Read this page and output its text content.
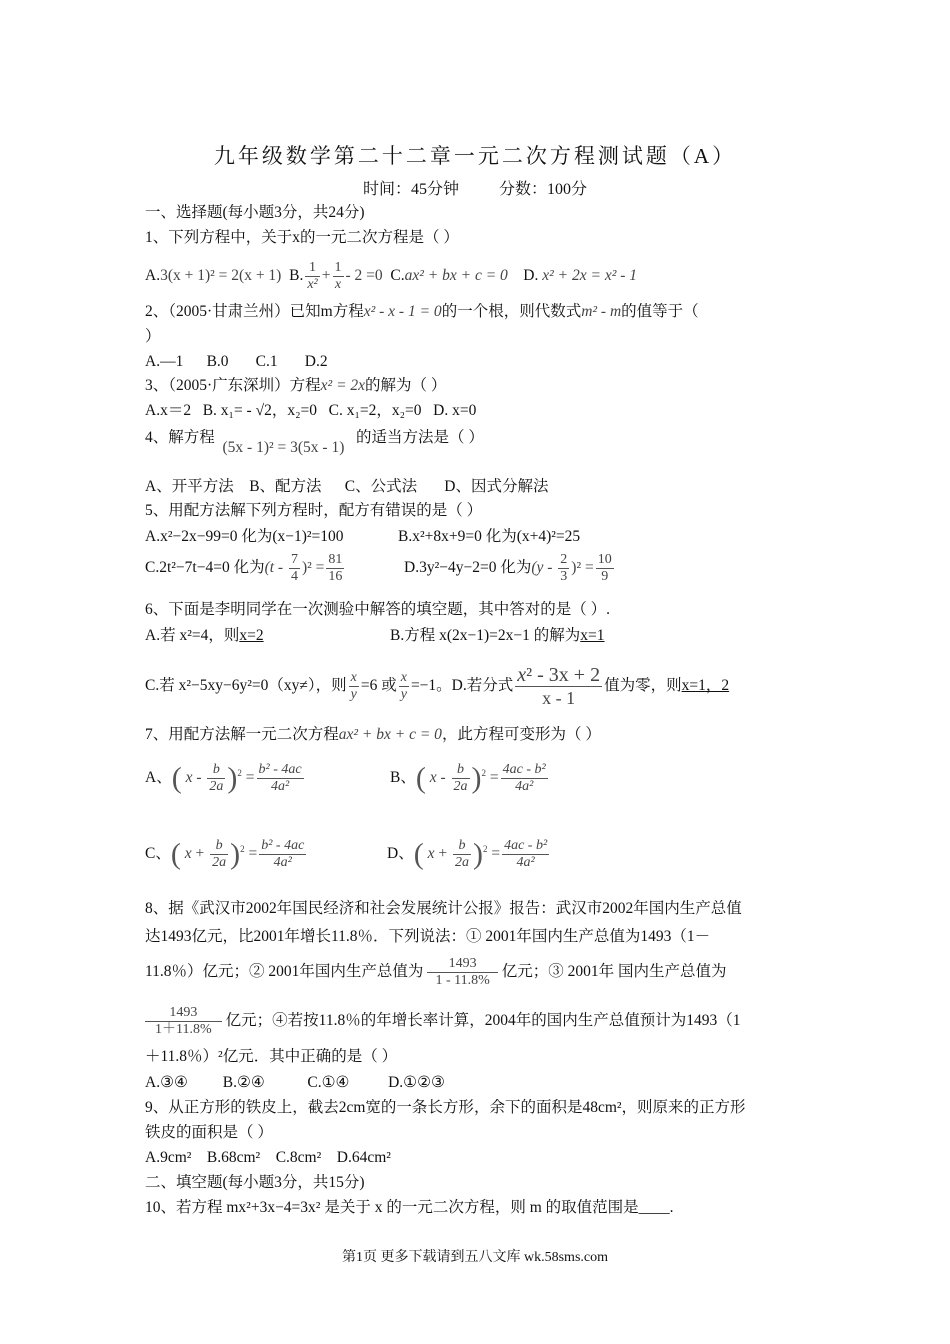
九年级数学第二十二章一元二次方程测试题（A）
时间：45分钟	分数：100分
一、选择题(每小题3分，共24分)
1、下列方程中，关于x的一元二次方程是（ ）
A.3(x + 1)² = 2(x + 1) B. $\frac{1}{\text{x²}} + \frac{1}{x} - 2 =0$ C.ax² + bx + c = 0 D. x² + 2x = x² - 1
2、（2005·甘肃兰州）已知m方程x² - x - 1 = 0的一个根，则代数式m² - m的值等于（
）
A.—1      B.0       C.1       D.2
3、（2005·广东深圳）方程x² = 2x的解为（ ）
A.x＝2 B. x₁= - √2，x₂=0 C. x₁=2，x₂=0 D. x=0
4、解方程  (5x - 1)² = 3(5x - 1)   的适当方法是（ ）
A、开平方法    B、配方法      C、公式法       D、因式分解法
5、用配方法解下列方程时，配方有错误的是（ ）
A.x²−2x−99=0 化为(x−1)²=100	B.x²+8x+9=0 化为(x+4)²=25
C.2t²−7t−4=0 化为$(t - \frac{7}{4} )^2 = \frac{81}{16}$	D.3y²−4y−2=0 化为$(y - \frac{2}{3} )^2 = \frac{10}{9}$
6、下面是李明同学在一次测验中解答的填空题，其中答对的是（ ）.
A.若 x²=4，则x=2	B.方程 x(2x−1)=2x−1 的解为x=1
C.若 x²−5xy−6y²=0（xy≠），则 $\frac{x}{y} =6$ 或 $\frac{x}{y} =-1$。D.若分式 $\frac{\text{x² - 3x + 2}}{x - 1}$ 值为零，则x=1，2
7、用配方法解一元二次方程ax² + bx + c = 0，此方程可变形为（ ）
A、( $x - \frac{b}{2a} )^2 = \frac{\text{b² - 4ac}}{\text{4a²}}$	B、( $x - \frac{b}{2a} )^2 = \frac{\text{4ac - b²}}{\text{4a²}}$
C、( $x + \frac{b}{2a} )^2 = \frac{\text{b² - 4ac}}{\text{4a²}}$	D、( $x + \frac{b}{2a} )^2 = \frac{\text{4ac - b²}}{\text{4a²}}$
8、据《武汉市2002年国民经济和社会发展统计公报》报告：武汉市2002年国内生产总值
达1493亿元，比2001年增长11.8％．下列说法：① 2001年国内生产总值为1493（1－
11.8％）亿元；② 2001年国内生产总值为 $\frac{1493}{1 - 11.8\%}$ 亿元；③ 2001年 国内生产总值为
$\frac{1493}{1+11.8\%}$ 亿元；④若按11.8％的年增长率计算，2004年的国内生产总值预计为1493（1
＋11.8％）²亿元．其中正确的是（ ）
A.③④         B.②④           C.①④          D.①②③
9、从正方形的铁皮上，截去2cm宽的一条长方形，余下的面积是48cm²，则原来的正方形
铁皮的面积是（ ）
A.9cm²    B.68cm²    C.8cm²    D.64cm²
二、填空题(每小题3分，共15分)
10、若方程 mx²+3x−4=3x² 是关于 x 的一元二次方程，则 m 的取值范围是____.
第1页 更多下载请到五八文库 wk.58sms.com
